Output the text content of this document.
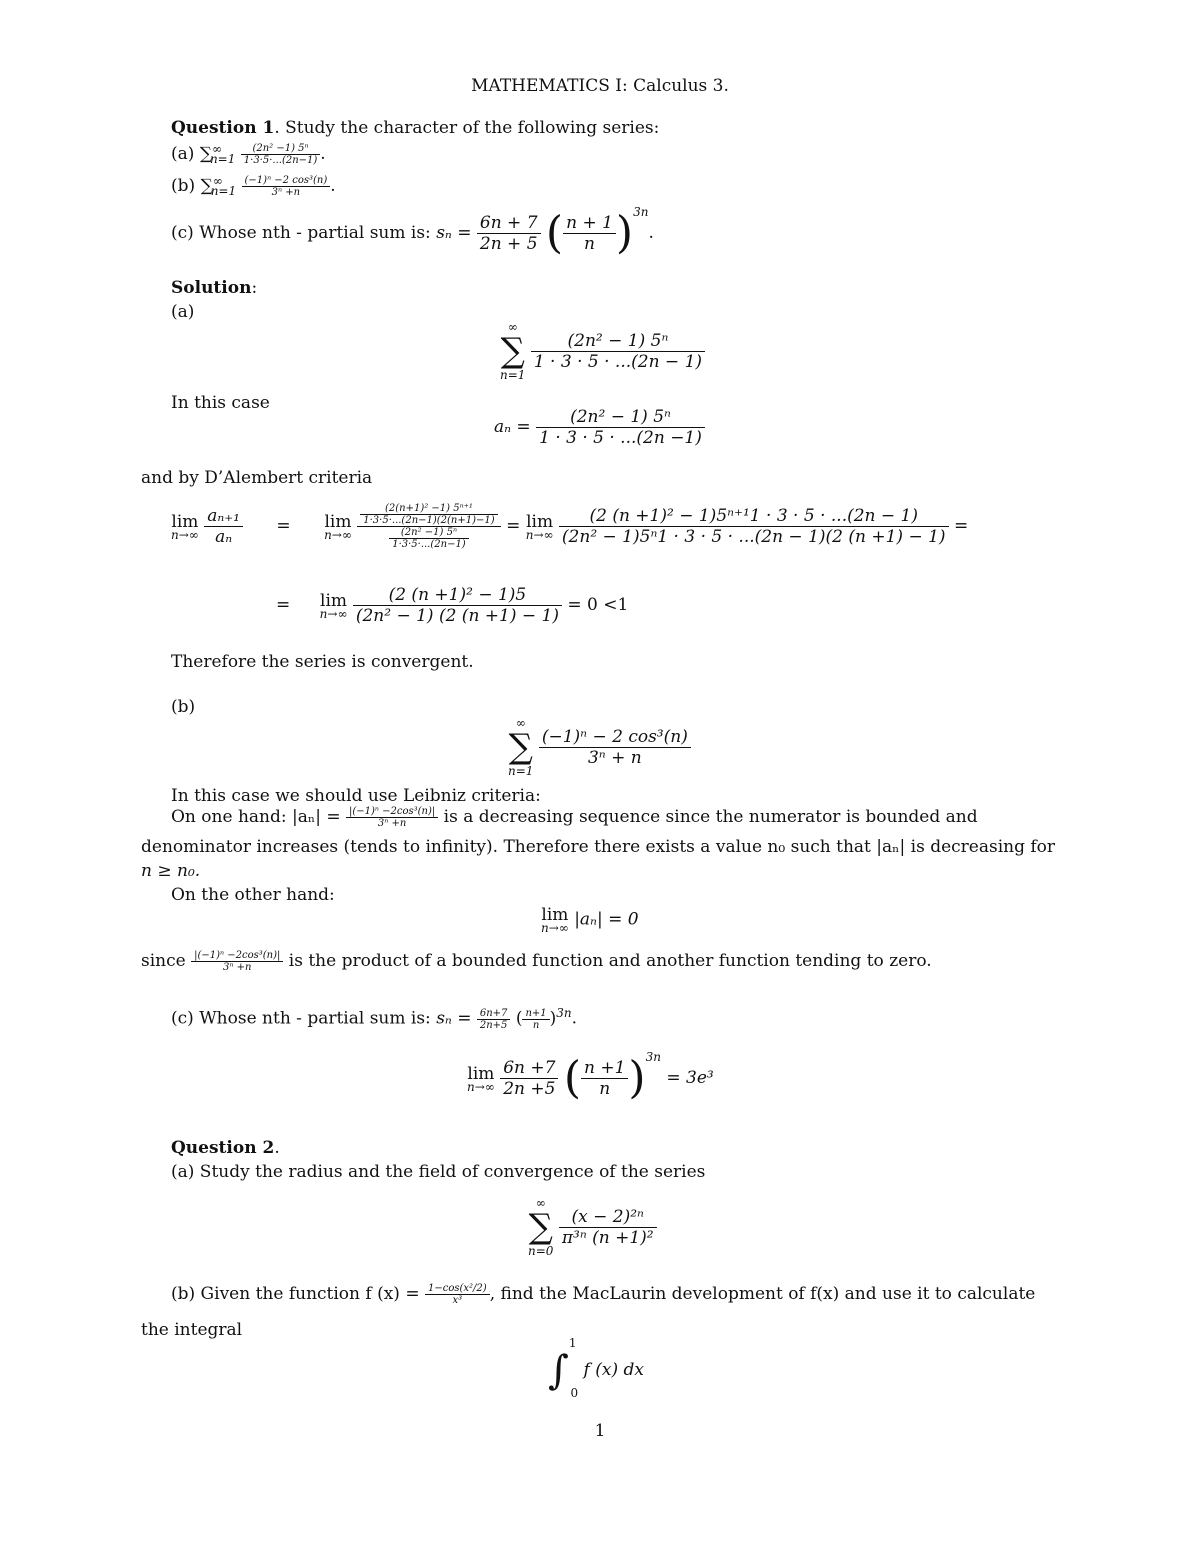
MATHEMATICS I: Calculus 3.
Question 1. Study the character of the following series:
(a) $\sum^\infty_{n=1} \frac{\text{(2n² −1) 5ⁿ}}{1\cdot 3\cdot 5\cdot...(2n-1)}$ .
(b) $\sum^\infty_{n=1} \frac{\text{(−1)ⁿ −2 cos³(n)}}{\text{3ⁿ +n}}$ .
(c) Whose nth - partial sum is: $s_n = \frac{6n + 7}{2n + 5}$ ( $\frac{n + 1}{n} )^{3n}$.
Solution:
(a)
∞
∑
n=1

$\frac{\text{(2n² − 1) 5ⁿ}}{1 \cdot 3 \cdot 5 \cdot ...(2n - 1)}$
In this case
$a_n = \frac{\text{(2n² − 1) 5ⁿ}}{1 \cdot 3 \cdot 5 \cdot ...(2n -1)}$
and by D’Alembert criteria
lim
n→∞
$\frac{\text{aₙ₊₁}}{\text{aₙ}} = \lim$
n→∞
$\frac{\frac{\text{(2(n+1)² −1) 5ⁿ⁺¹}}{1\cdot 3\cdot 5\cdot...(2n-1)(2(n+1)-1)}}{\frac{\text{(2n² −1) 5ⁿ}}{1\cdot 3\cdot 5\cdot...(2n-1)}} = \lim$
n→∞
$\frac{\text{(2 (n +1)² − 1)5ⁿ⁺¹1 · 3 · 5 · ...(2n − 1)}}{\text{(2n² − 1)5ⁿ1 · 3 · 5 · ...(2n − 1)(2 (n +1) − 1)}}$ =
= lim
n→∞
$\frac{\text{(2 (n +1)² − 1)5}}{\text{(2n² − 1) (2 (n +1) − 1)}} = 0 <1$
Therefore the series is convergent.
(b)
∞
∑
n=1

$\frac{\text{(−1)ⁿ − 2 cos³(n)}}{\text{3ⁿ + n}}$
In this case we should use Leibniz criteria:
On one hand: $|a_n| = \frac{\text{|(−1)ⁿ −2cos³(n)|}}{\text{3ⁿ +n}}$ is a decreasing sequence since the numerator is bounded and
denominator increases (tends to infinity). Therefore there exists a value n₀ such that |aₙ| is decreasing for
n ≥ n₀.
On the other hand:
lim
n→∞ |aₙ| = 0
since $\frac{\text{|(−1)ⁿ −2cos³(n)|}}{\text{3ⁿ +n}}$ is the product of a bounded function and another function tending to zero.
(c) Whose nth - partial sum is: $s_n = \frac{6n+7}{2n+5}$ ( $\frac{n+1}{n} )^{3n}$.
lim
n→∞
$\frac{6n +7}{2n +5}$ ( $\frac{n +1}{n} )^{3n} = 3e^3$
Question 2.
(a) Study the radius and the field of convergence of the series
∞
∑
n=0

$\frac{\text{(x − 2)²ⁿ}}{\text{π³ⁿ (n +1)²}}$
(b) Given the function f $(x) = \frac{\text{1−cos(x²/2)}}{\text{x³}}$ , find the MacLaurin development of f(x) and use it to calculate
the integral
∫$^1_0$ f (x) dx
1
